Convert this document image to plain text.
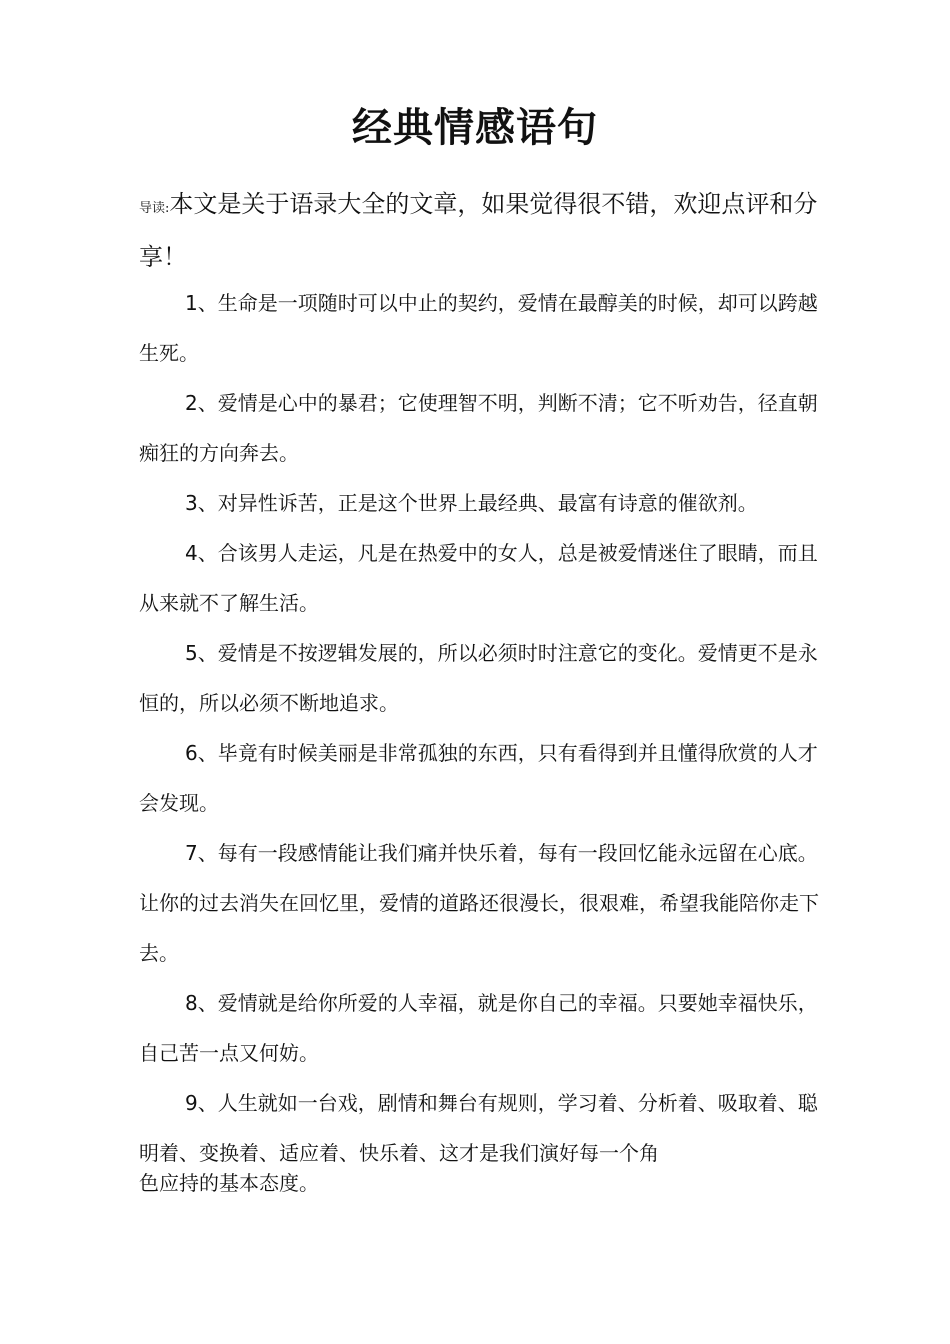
经典情感语句

导读:本文是关于语录大全的文章，如果觉得很不错，欢迎点评和分享！

1、生命是一项随时可以中止的契约，爱情在最醇美的时候，却可以跨越生死。

2、爱情是心中的暴君；它使理智不明，判断不清；它不听劝告，径直朝痴狂的方向奔去。

3、对异性诉苦，正是这个世界上最经典、最富有诗意的催欲剂。

4、合该男人走运，凡是在热爱中的女人，总是被爱情迷住了眼睛，而且从来就不了解生活。

5、爱情是不按逻辑发展的，所以必须时时注意它的变化。爱情更不是永恒的，所以必须不断地追求。

6、毕竟有时候美丽是非常孤独的东西，只有看得到并且懂得欣赏的人才会发现。

7、每有一段感情能让我们痛并快乐着，每有一段回忆能永远留在心底。让你的过去消失在回忆里，爱情的道路还很漫长，很艰难，希望我能陪你走下去。

8、爱情就是给你所爱的人幸福，就是你自己的幸福。只要她幸福快乐，自己苦一点又何妨。

9、人生就如一台戏，剧情和舞台有规则，学习着、分析着、吸取着、聪明着、变换着、适应着、快乐着、这才是我们演好每一个角

色应持的基本态度。
